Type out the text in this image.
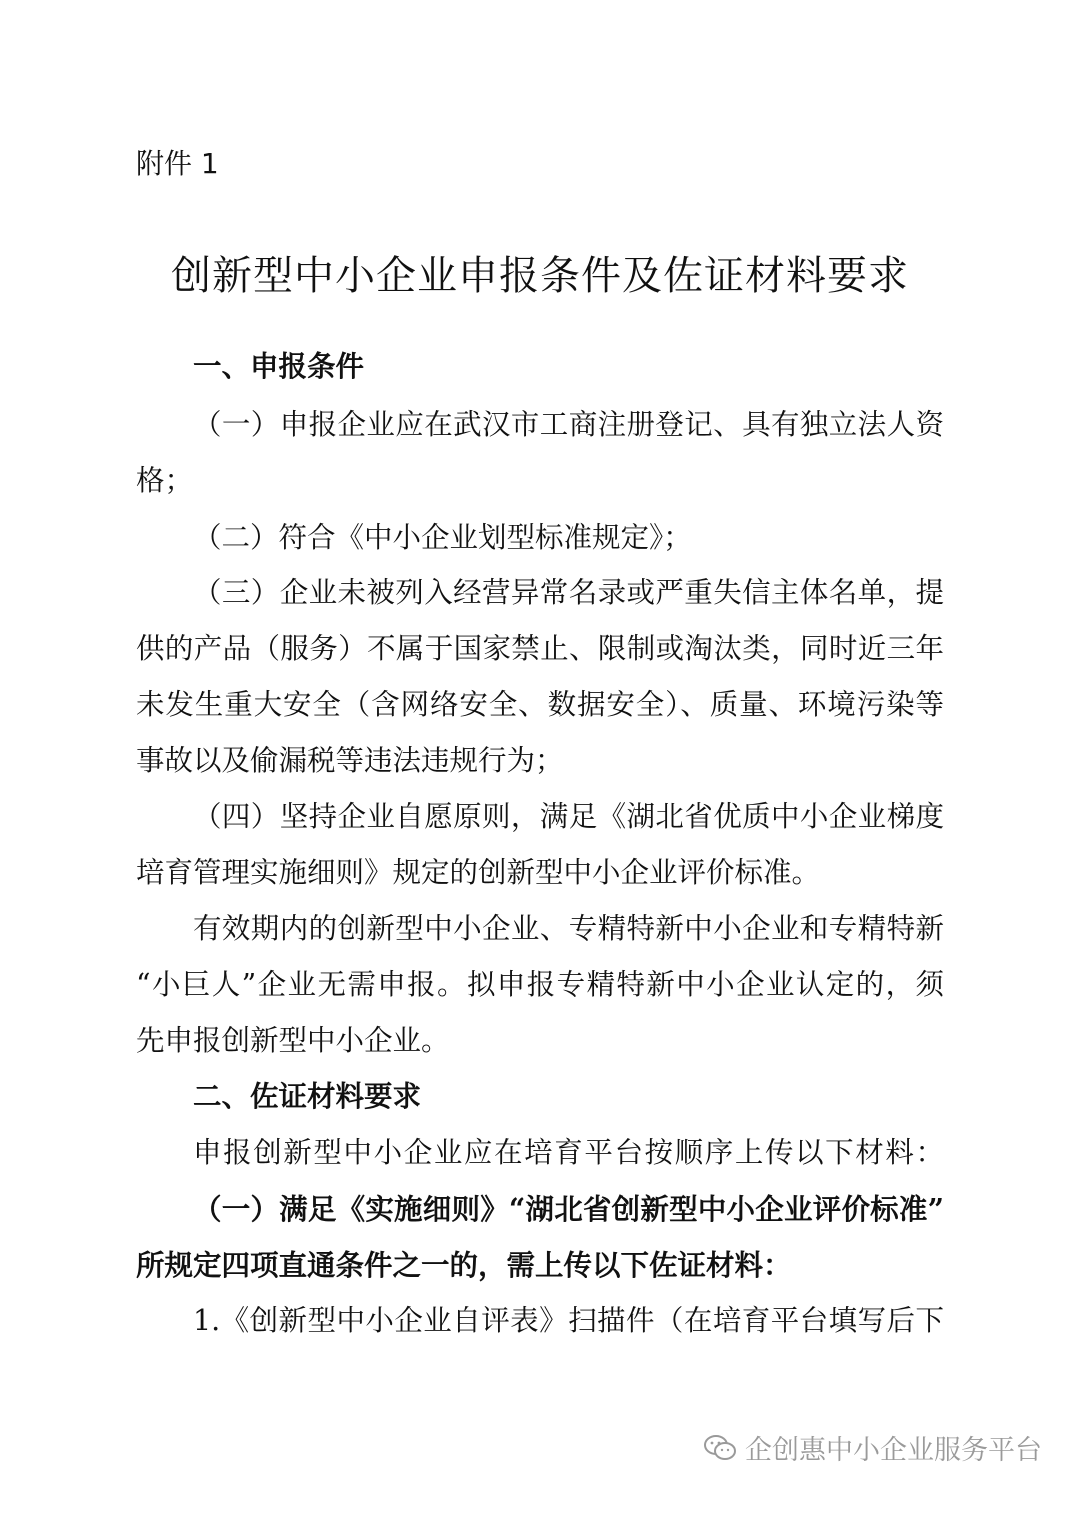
附件 1
创新型中小企业申报条件及佐证材料要求
一、申报条件
（一）申报企业应在武汉市工商注册登记、具有独立法人资
格；
（二）符合《中小企业划型标准规定》；
（三）企业未被列入经营异常名录或严重失信主体名单，提
供的产品（服务）不属于国家禁止、限制或淘汰类，同时近三年
未发生重大安全（含网络安全、数据安全）、质量、环境污染等
事故以及偷漏税等违法违规行为；
（四）坚持企业自愿原则，满足《湖北省优质中小企业梯度
培育管理实施细则》规定的创新型中小企业评价标准。
有效期内的创新型中小企业、专精特新中小企业和专精特新
“小巨人”企业无需申报。拟申报专精特新中小企业认定的，须
先申报创新型中小企业。
二、佐证材料要求
申报创新型中小企业应在培育平台按顺序上传以下材料：
（一）满足《实施细则》“湖北省创新型中小企业评价标准”
所规定四项直通条件之一的，需上传以下佐证材料：
1.《创新型中小企业自评表》扫描件（在培育平台填写后下
企创惠中小企业服务平台
